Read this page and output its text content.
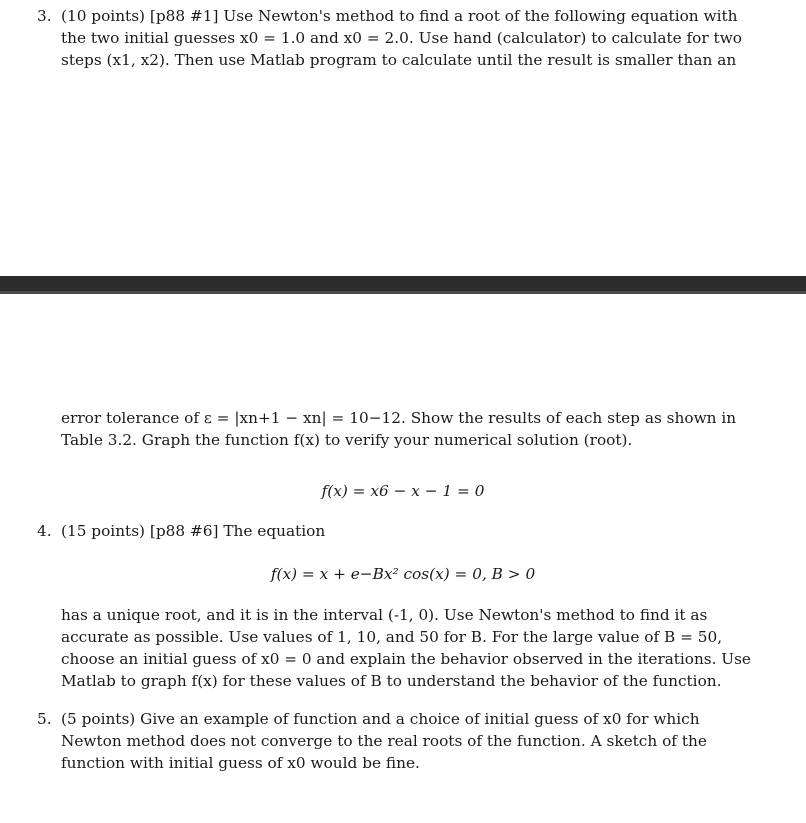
3. (10 points) [p88 #1] Use Newton's method to find a root of the following equation with
the two initial guesses x0 = 1.0 and x0 = 2.0. Use hand (calculator) to calculate for two
steps (x1, x2). Then use Matlab program to calculate until the result is smaller than an
error tolerance of ε = |xn+1 − xn| = 10−12. Show the results of each step as shown in
Table 3.2. Graph the function f(x) to verify your numerical solution (root).
f(x) = x6 − x − 1 = 0
4. (15 points) [p88 #6] The equation
f(x) = x + e−Bx² cos(x) = 0, B > 0
has a unique root, and it is in the interval (-1, 0). Use Newton's method to find it as
accurate as possible. Use values of 1, 10, and 50 for B. For the large value of B = 50,
choose an initial guess of x0 = 0 and explain the behavior observed in the iterations. Use
Matlab to graph f(x) for these values of B to understand the behavior of the function.
5. (5 points) Give an example of function and a choice of initial guess of x0 for which
Newton method does not converge to the real roots of the function. A sketch of the
function with initial guess of x0 would be fine.
